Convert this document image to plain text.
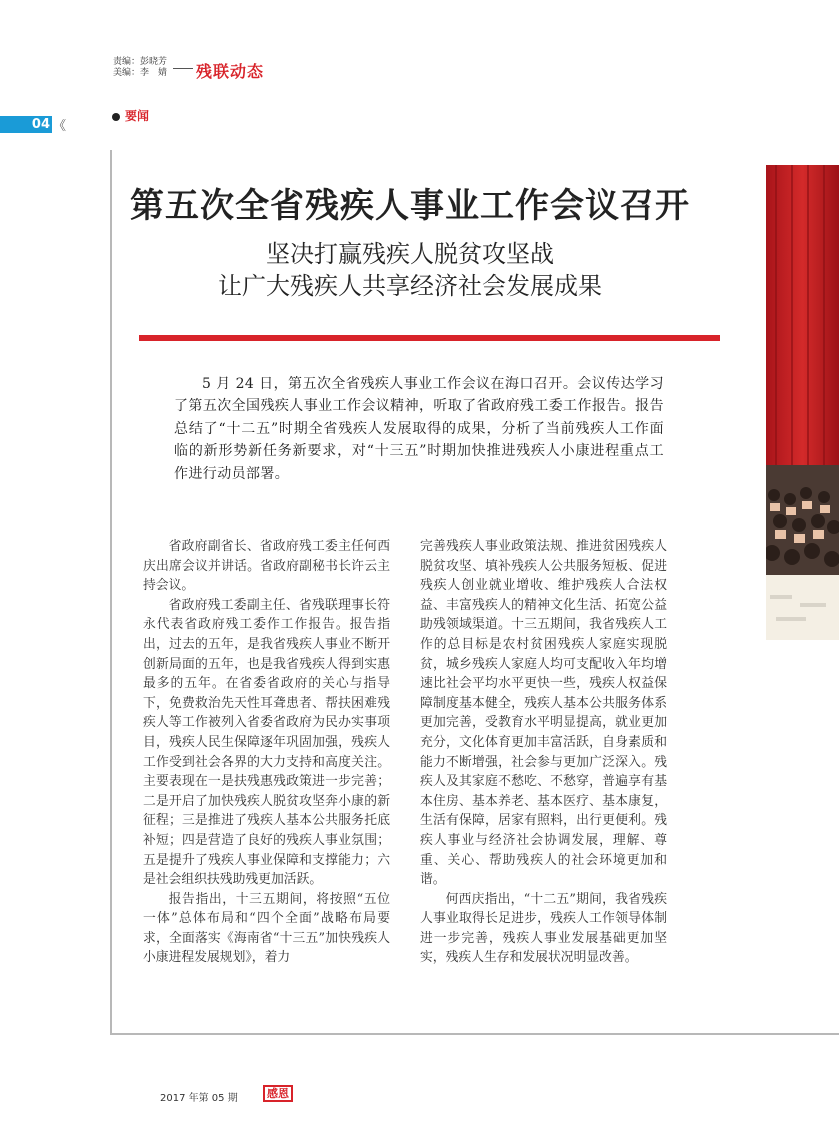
责编：彭晓芳
美编：李　婧 残联动态
04 《
要闻
第五次全省残疾人事业工作会议召开
坚决打赢残疾人脱贫攻坚战
让广大残疾人共享经济社会发展成果

5 月 24 日，第五次全省残疾人事业工作会议在海口召开。会议传达学习了第五次全国残疾人事业工作会议精神，听取了省政府残工委工作报告。报告总结了“十二五”时期全省残疾人发展取得的成果，分析了当前残疾人工作面临的新形势新任务新要求，对“十三五”时期加快推进残疾人小康进程重点工作进行动员部署。

省政府副省长、省政府残工委主任何西庆出席会议并讲话。省政府副秘书长许云主持会议。

省政府残工委副主任、省残联理事长符永代表省政府残工委作工作报告。报告指出，过去的五年，是我省残疾人事业不断开创新局面的五年，也是我省残疾人得到实惠最多的五年。在省委省政府的关心与指导下，免费救治先天性耳聋患者、帮扶困难残疾人等工作被列入省委省政府为民办实事项目，残疾人民生保障逐年巩固加强，残疾人工作受到社会各界的大力支持和高度关注。主要表现在一是扶残惠残政策进一步完善；二是开启了加快残疾人脱贫攻坚奔小康的新征程；三是推进了残疾人基本公共服务托底补短；四是营造了良好的残疾人事业氛围；五是提升了残疾人事业保障和支撑能力；六是社会组织扶残助残更加活跃。

报告指出，十三五期间，将按照“五位一体”总体布局和“四个全面”战略布局要求，全面落实《海南省“十三五”加快残疾人小康进程发展规划》，着力

完善残疾人事业政策法规、推进贫困残疾人脱贫攻坚、填补残疾人公共服务短板、促进残疾人创业就业增收、维护残疾人合法权益、丰富残疾人的精神文化生活、拓宽公益助残领域渠道。十三五期间，我省残疾人工作的总目标是农村贫困残疾人家庭实现脱贫，城乡残疾人家庭人均可支配收入年均增速比社会平均水平更快一些，残疾人权益保障制度基本健全，残疾人基本公共服务体系更加完善，受教育水平明显提高，就业更加充分，文化体育更加丰富活跃，自身素质和能力不断增强，社会参与更加广泛深入。残疾人及其家庭不愁吃、不愁穿，普遍享有基本住房、基本养老、基本医疗、基本康复，生活有保障，居家有照料，出行更便利。残疾人事业与经济社会协调发展，理解、尊重、关心、帮助残疾人的社会环境更加和谐。

何西庆指出，“十二五”期间，我省残疾人事业取得长足进步，残疾人工作领导体制进一步完善，残疾人事业发展基础更加坚实，残疾人生存和发展状况明显改善。

2017 年第 05 期	感恩
